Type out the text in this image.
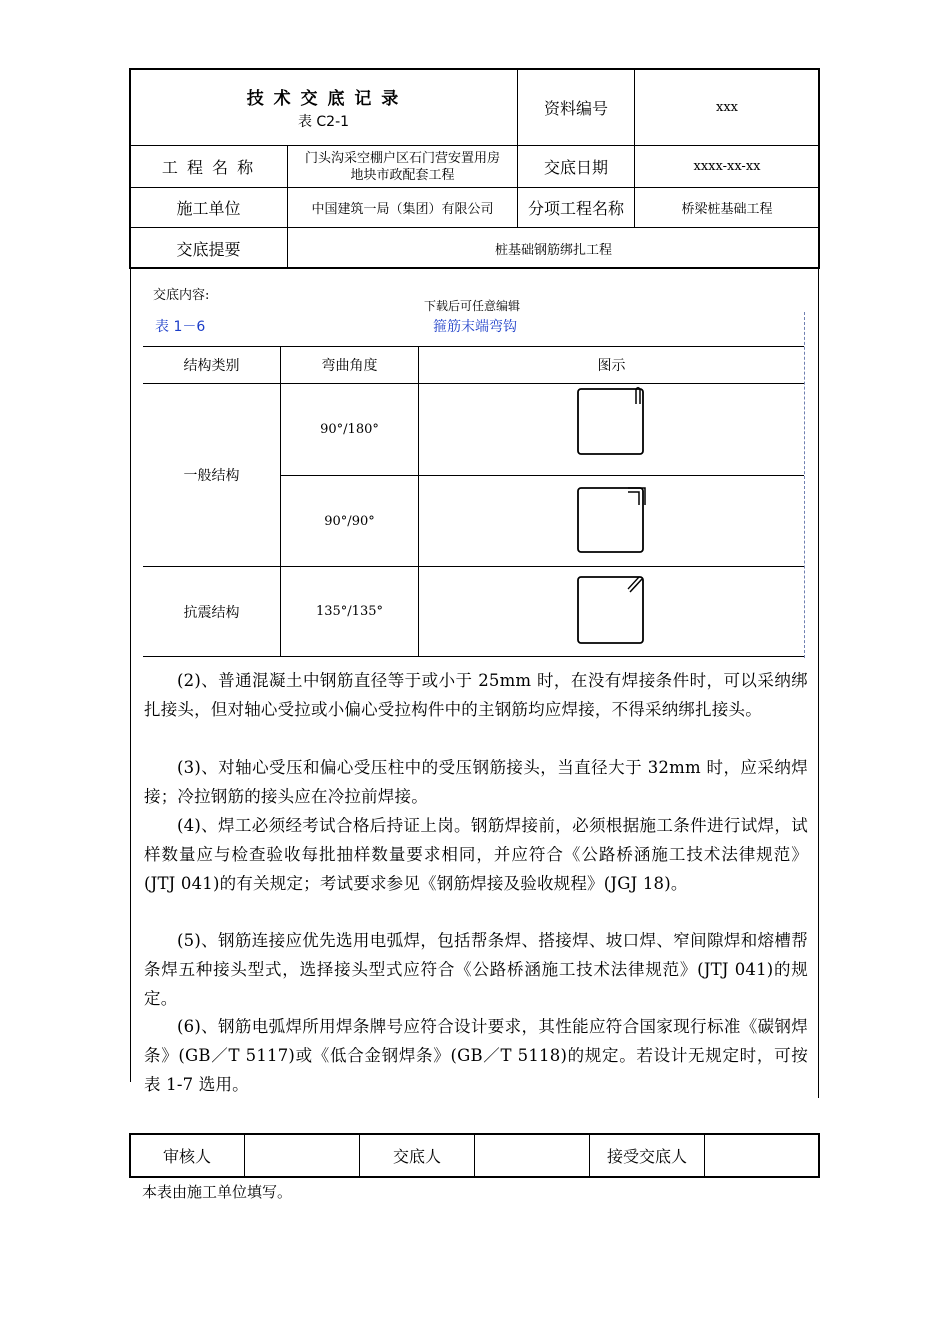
技 术 交 底 记 录
表 C2-1
资料编号	xxx
工 程 名 称	门头沟采空棚户区石门营安置用房
地块市政配套工程	交底日期	xxxx-xx-xx
施工单位	中国建筑一局（集团）有限公司	分项工程名称	桥梁桩基础工程
交底提要	桩基础钢筋绑扎工程
交底内容:
下载后可任意编辑
表 1－6	箍筋末端弯钩
结构类别	弯曲角度	图示
一般结构
90°/180°
90°/90°
抗震结构	135°/135°

(2)、普通混凝土中钢筋直径等于或小于 25mm 时，在没有焊接条件时，可以采纳绑扎接头，但对轴心受拉或小偏心受拉构件中的主钢筋均应焊接，不得采纳绑扎接头。

(3)、对轴心受压和偏心受压柱中的受压钢筋接头，当直径大于 32mm 时，应采纳焊接；冷拉钢筋的接头应在冷拉前焊接。

(4)、焊工必须经考试合格后持证上岗。钢筋焊接前，必须根据施工条件进行试焊，试样数量应与检查验收每批抽样数量要求相同，并应符合《公路桥涵施工技术法律规范》(JTJ 041)的有关规定；考试要求参见《钢筋焊接及验收规程》(JGJ 18)。

(5)、钢筋连接应优先选用电弧焊，包括帮条焊、搭接焊、坡口焊、窄间隙焊和熔槽帮条焊五种接头型式，选择接头型式应符合《公路桥涵施工技术法律规范》(JTJ 041)的规定。

(6)、钢筋电弧焊所用焊条牌号应符合设计要求，其性能应符合国家现行标准《碳钢焊条》(GB／T 5117)或《低合金钢焊条》(GB／T 5118)的规定。若设计无规定时，可按表 1-7 选用。

审核人	交底人	接受交底人
本表由施工单位填写。
